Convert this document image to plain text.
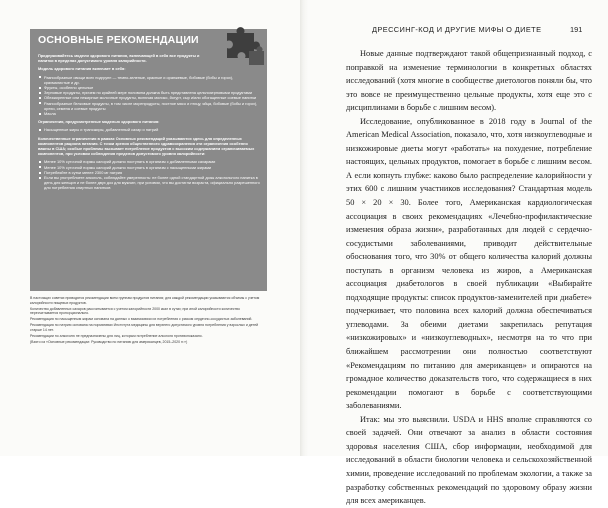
ОСНОВНЫЕ РЕКОМЕНДАЦИИ

Придерживайтесь модели здорового питания, включающей в себя все продукты и напитки в пределах допустимого уровня калорийности.

Модель здорового питания включает в себя:

Разнообразные овощи всех подгрупп — темно-зеленые, красные и оранжевые, бобовые (бобы и горох), крахмалистые и др.
Фрукты, особенно цельные
Зерновые продукты, причем по крайней мере половина должна быть представлена цельнозерновыми продуктами
Обезжиренные или нежирные молочные продукты, включая молоко, йогурт, сыр и/или обогащенные соевые напитки
Разнообразные белковые продукты, в том числе морепродукты, постное мясо и птицу, яйца, бобовые (бобы и горох), орехи, семена и соевые продукты
Масла

Ограничения, предусмотренные моделью здорового питания:

Насыщенные жиры и трансжиры, добавленный сахар и натрий

Количественные ограничения в рамках Основных рекомендаций указываются здесь для определенных компонентов рациона питания. С точки зрения общественного здравоохранения эти ограничения особенно важны в США; особые проблемы вызывает потребление продуктов с высоким содержанием ограничиваемых компонентов, при условии соблюдения пределов допустимого уровня калорийности:

Менее 10% суточной нормы калорий должно поступать в организм с добавленными сахарами
Менее 10% суточной нормы калорий должно поступать в организм с насыщенными жирами
Потребляйте в сутки менее 2300 мг натрия
Если вы употребляете алкоголь, соблюдайте умеренность: не более одной стандартной дозы алкогольного напитка в день для женщин и не более двух доз для мужчин, при условии, что вы достигли возраста, официально разрешенного для потребления спиртных напитков

В настоящих советах приводятся рекомендации всем группам продуктов питания; для каждой рекомендации указываются объемы с учетом калорийности пищевых продуктов.

Количество добавленных сахаров рассчитывается с учетом калорийности 2000 ккал в сутки; при иной калорийности количество пересчитывается пропорционально.

Рекомендация по насыщенным жирам основана на данных о взаимосвязи их потребления с риском сердечно-сосудистых заболеваний.

Рекомендация по натрию основана на нормативах Института медицины для верхнего допустимого уровня потребления у взрослых и детей старше 14 лет.

Рекомендации по алкоголю не предназначены для лиц, которым потребление алкоголя противопоказано.

(Взято из «Основные рекомендации: Руководство по питанию для американцев, 2015–2020 гг.»)

ДРЕССИНГ-КОД И ДРУГИЕ МИФЫ О ДИЕТЕ	191

Новые данные подтверждают такой общепризнанный подход, с поправкой на изменение терминологии в конкретных областях исследований (хотя многие в сообществе диетологов поняли бы, что это вовсе не преимущественно цельные продукты, хотя еще это с дисциплинами в борьбе с лишним весом).

Исследование, опубликованное в 2018 году в Journal of the American Medical Association, показало, что, хотя низкоуглеводные и низкожировые диеты могут «работать» на похудение, потребление настоящих, цельных продуктов, помогает в борьбе с лишним весом. А если копнуть глубже: каково было распределение калорийности у этих 600 с лишним участников исследования? Стандартная модель 50 × 20 × 30. Более того, Американская кардиологическая ассоциация в своих рекомендациях «Лечебно-профилактические изменения образа жизни», разработанных для людей с сердечно-сосудистыми заболеваниями, приводит действительные обоснования того, что 30% от общего количества калорий должны поступать в организм человека из жиров, а Американская ассоциация диабетологов в своей публикации «Выбирайте подходящие продукты: список продуктов-заменителей при диабете» подчеркивает, что половина всех калорий должна обеспечиваться углеводами. За обеими диетами закрепилась репутация «низкожировых» и «низкоуглеводных», несмотря на то что при ближайшем рассмотрении они полностью соответствуют «Рекомендациям по питанию для американцев» и опираются на громадное количество доказательств того, что содержащиеся в них рекомендации помогают в борьбе с соответствующими заболеваниями.

Итак: мы это выяснили. USDA и HHS вполне справляются со своей задачей. Они отвечают за анализ в области состояния здоровья населения США, сбор информации, необходимой для исследований в области биологии человека и сельскохозяйственной химии, проведение исследований по проблемам экологии, а также за разработку собственных рекомендаций по здоровому образу жизни для всех американцев.
